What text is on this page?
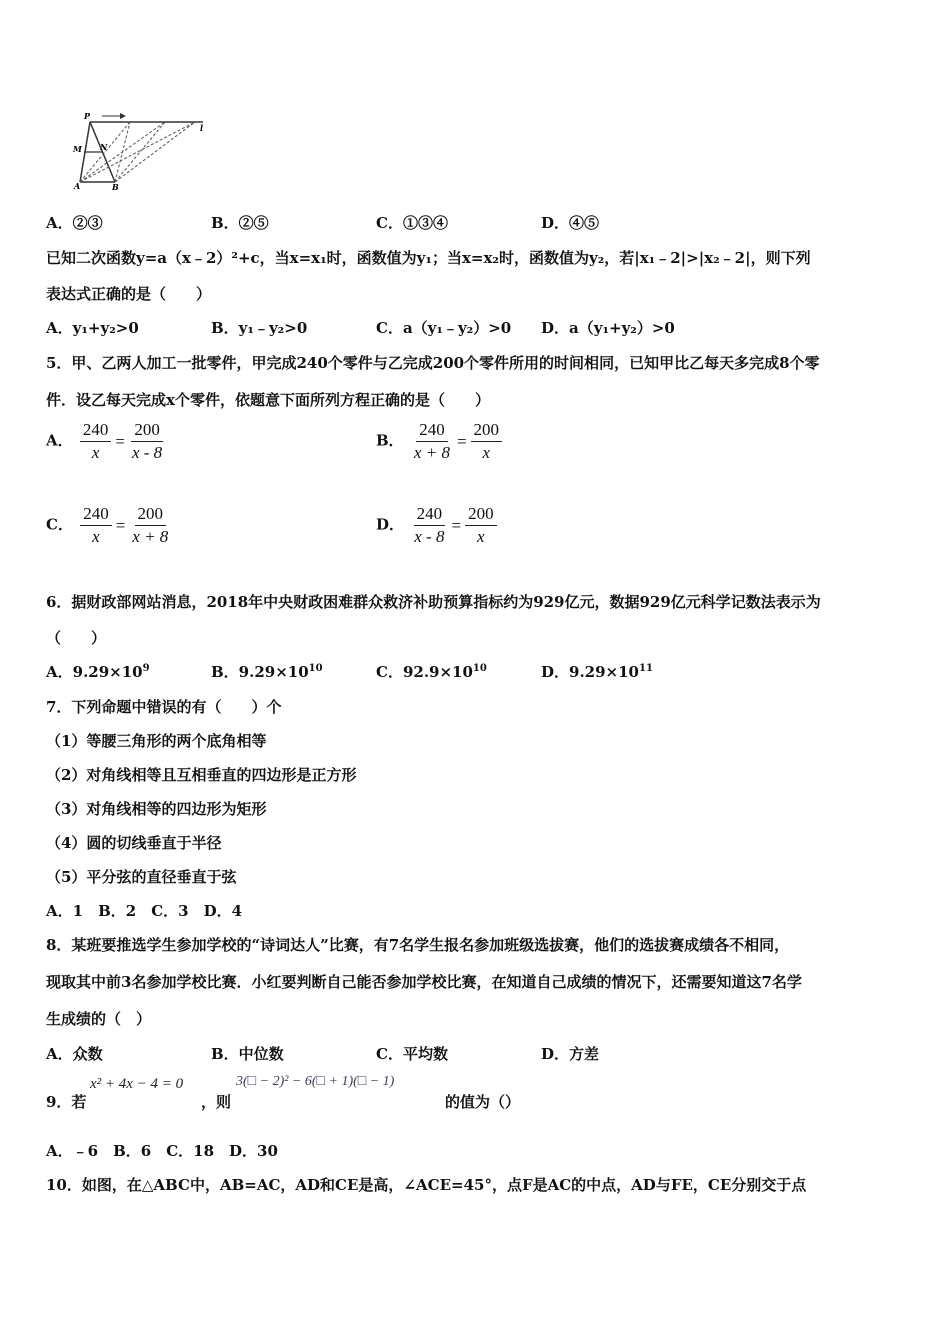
P
l
M N
A	B
A．②③	B．②⑤	C．①③④	D．④⑤
已知二次函数y=a（x﹣2）²+c，当x=x₁时，函数值为y₁；当x=x₂时，函数值为y₂，若|x₁﹣2|>|x₂﹣2|，则下列
表达式正确的是（　　）
A．y₁+y₂>0	B．y₁﹣y₂>0	C．a（y₁﹣y₂）>0 D．a（y₁+y₂）>0
5．甲、乙两人加工一批零件，甲完成240个零件与乙完成200个零件所用的时间相同，已知甲比乙每天多完成8个零
件．设乙每天完成x个零件，依题意下面所列方程正确的是（　　）
A． $\frac{240}{x} = \frac{200}{x - 8}$	B． $\frac{240}{x + 8} = \frac{200}{x}$
C． $\frac{240}{x} = \frac{200}{x + 8}$	D． $\frac{240}{x - 8} = \frac{200}{x}$
6．据财政部网站消息，2018年中央财政困难群众救济补助预算指标约为929亿元，数据929亿元科学记数法表示为
（　　）
A．$9.29\times 10^9$	B．$9.29\times 10^{10}$	C．$92.9\times 10^{10}$	D．$9.29\times 10^{11}$
7．下列命题中错误的有（　　）个
（1）等腰三角形的两个底角相等
（2）对角线相等且互相垂直的四边形是正方形
（3）对角线相等的四边形为矩形
（4）圆的切线垂直于半径
（5）平分弦的直径垂直于弦
A．1　B．2　C．3　D．4
8．某班要推选学生参加学校的“诗词达人”比赛，有7名学生报名参加班级选拔赛，他们的选拔赛成绩各不相同，
现取其中前3名参加学校比赛．小红要判断自己能否参加学校比赛，在知道自己成绩的情况下，还需要知道这7名学
生成绩的（　）
A．众数	B．中位数	C．平均数	D．方差
9．若
x² + 4x − 4 = 0
，则
3(□ − 2)² − 6(□ + 1)(□ − 1)
的值为（）
A．﹣6　B．6　C．18　D．30
10．如图，在△ABC中，AB=AC，AD和CE是高，∠ACE=45°，点F是AC的中点，AD与FE，CE分别交于点
